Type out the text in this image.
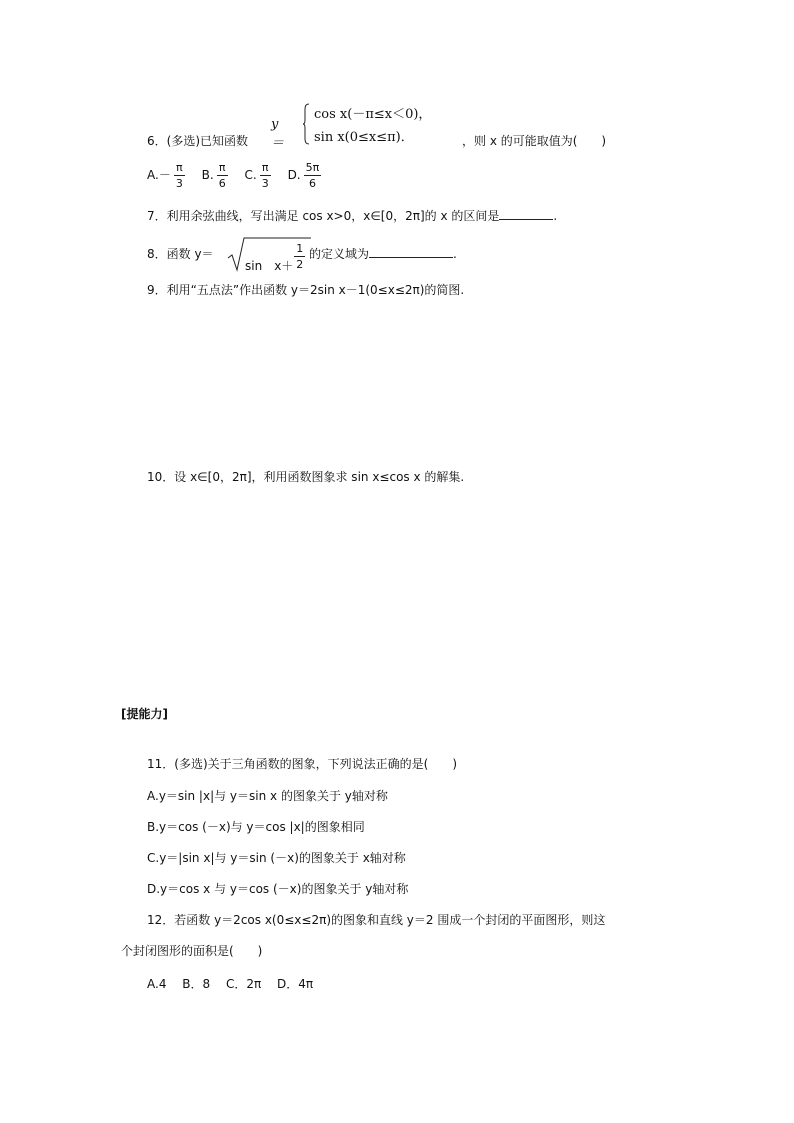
y＝
cos x(－π≤x＜0)，
sin x(0≤x≤π)．
6．(多选)已知函数	，则 x 的可能取值为(　　)
$A.- \frac{\pi}{3} B$. $\frac{\pi}{6} C$. $\frac{\pi}{3} D$. $\frac{5\pi}{6}$
7．利用余弦曲线，写出满足 cos x>0，x∈[0，2π]的 x 的区间是	.
8．函数 y＝
sin　$x+ \frac{1}{2}$ 的定义域为	.
9．利用“五点法”作出函数 y＝2sin x－1(0≤x≤2π)的简图.
10．设 x∈[0，2π]，利用函数图象求 sin x≤cos x 的解集.
[提能力]
11．(多选)关于三角函数的图象，下列说法正确的是(　　)
A.y＝sin |x|与 y＝sin x 的图象关于 y轴对称
B.y＝cos (－x)与 y＝cos |x|的图象相同
C.y＝|sin x|与 y＝sin (－x)的图象关于 x轴对称
D.y＝cos x 与 y＝cos (－x)的图象关于 y轴对称
12．若函数 y＝2cos x(0≤x≤2π)的图象和直线 y＝2 围成一个封闭的平面图形，则这
个封闭图形的面积是(　　)
A.4　 B．8　 C．2π　 D．4π
